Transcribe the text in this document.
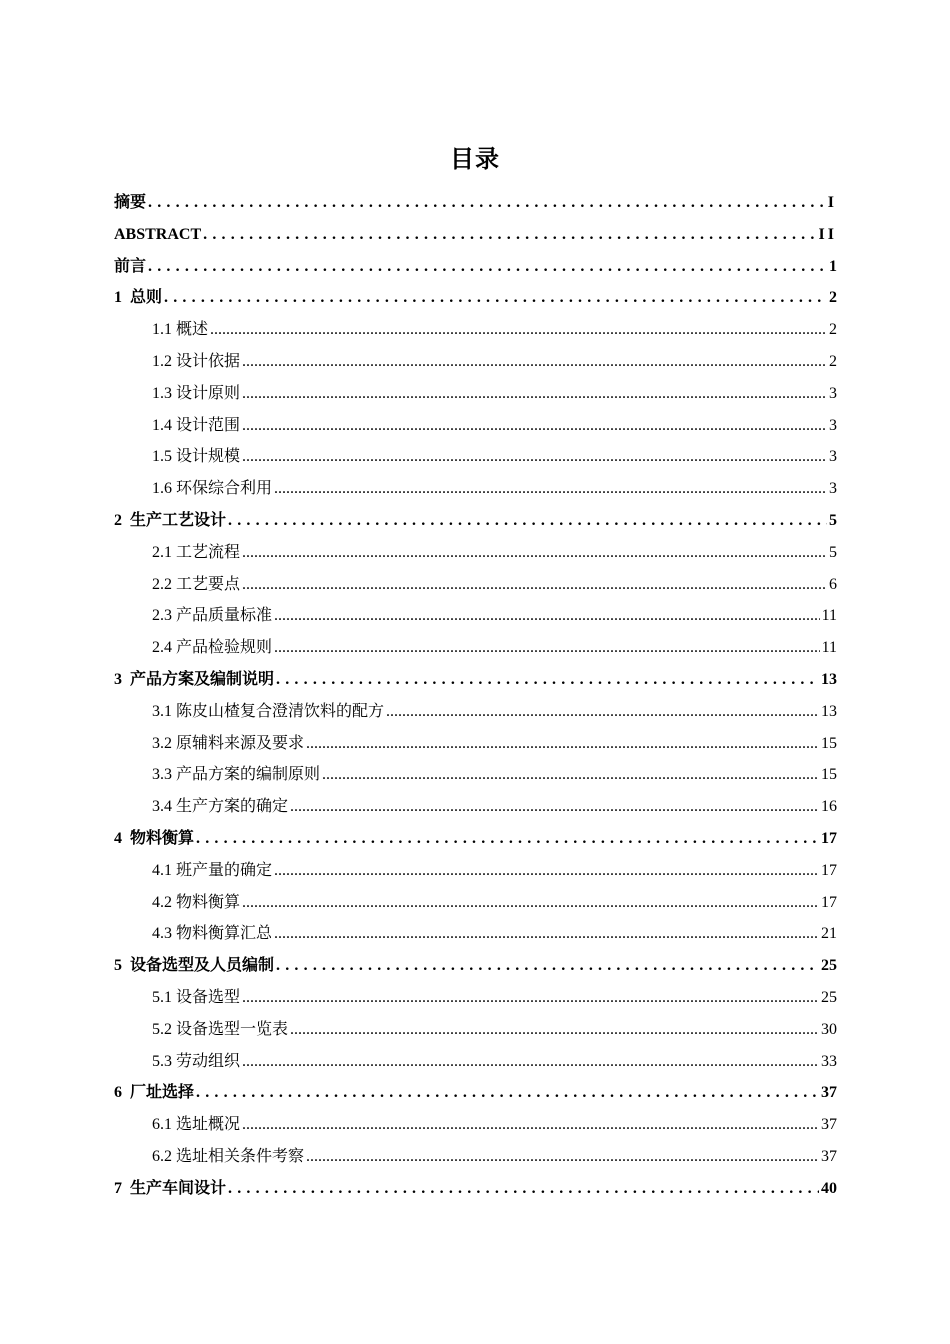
目录
摘要 . . .	I
ABSTRACT . . .	II
前言 . . .	1
1  总则 . . .	2
1.1 概述 .....	2
1.2 设计依据 .....	2
1.3 设计原则 .....	3
1.4 设计范围 .....	3
1.5 设计规模 .....	3
1.6 环保综合利用 .....	3
2  生产工艺设计 . . .	5
2.1 工艺流程 .....	5
2.2 工艺要点 .....	6
2.3 产品质量标准 .....	11
2.4 产品检验规则 .....	11
3  产品方案及编制说明 . . .	13
3.1 陈皮山楂复合澄清饮料的配方 .....	13
3.2 原辅料来源及要求 .....	15
3.3 产品方案的编制原则 .....	15
3.4 生产方案的确定 .....	16
4  物料衡算 . . .	17
4.1 班产量的确定 .....	17
4.2 物料衡算 .....	17
4.3 物料衡算汇总 .....	21
5  设备选型及人员编制 . . .	25
5.1 设备选型 .....	25
5.2 设备选型一览表 .....	30
5.3 劳动组织 .....	33
6  厂址选择 . . .	37
6.1 选址概况 .....	37
6.2 选址相关条件考察 .....	37
7  生产车间设计 . . .	40
